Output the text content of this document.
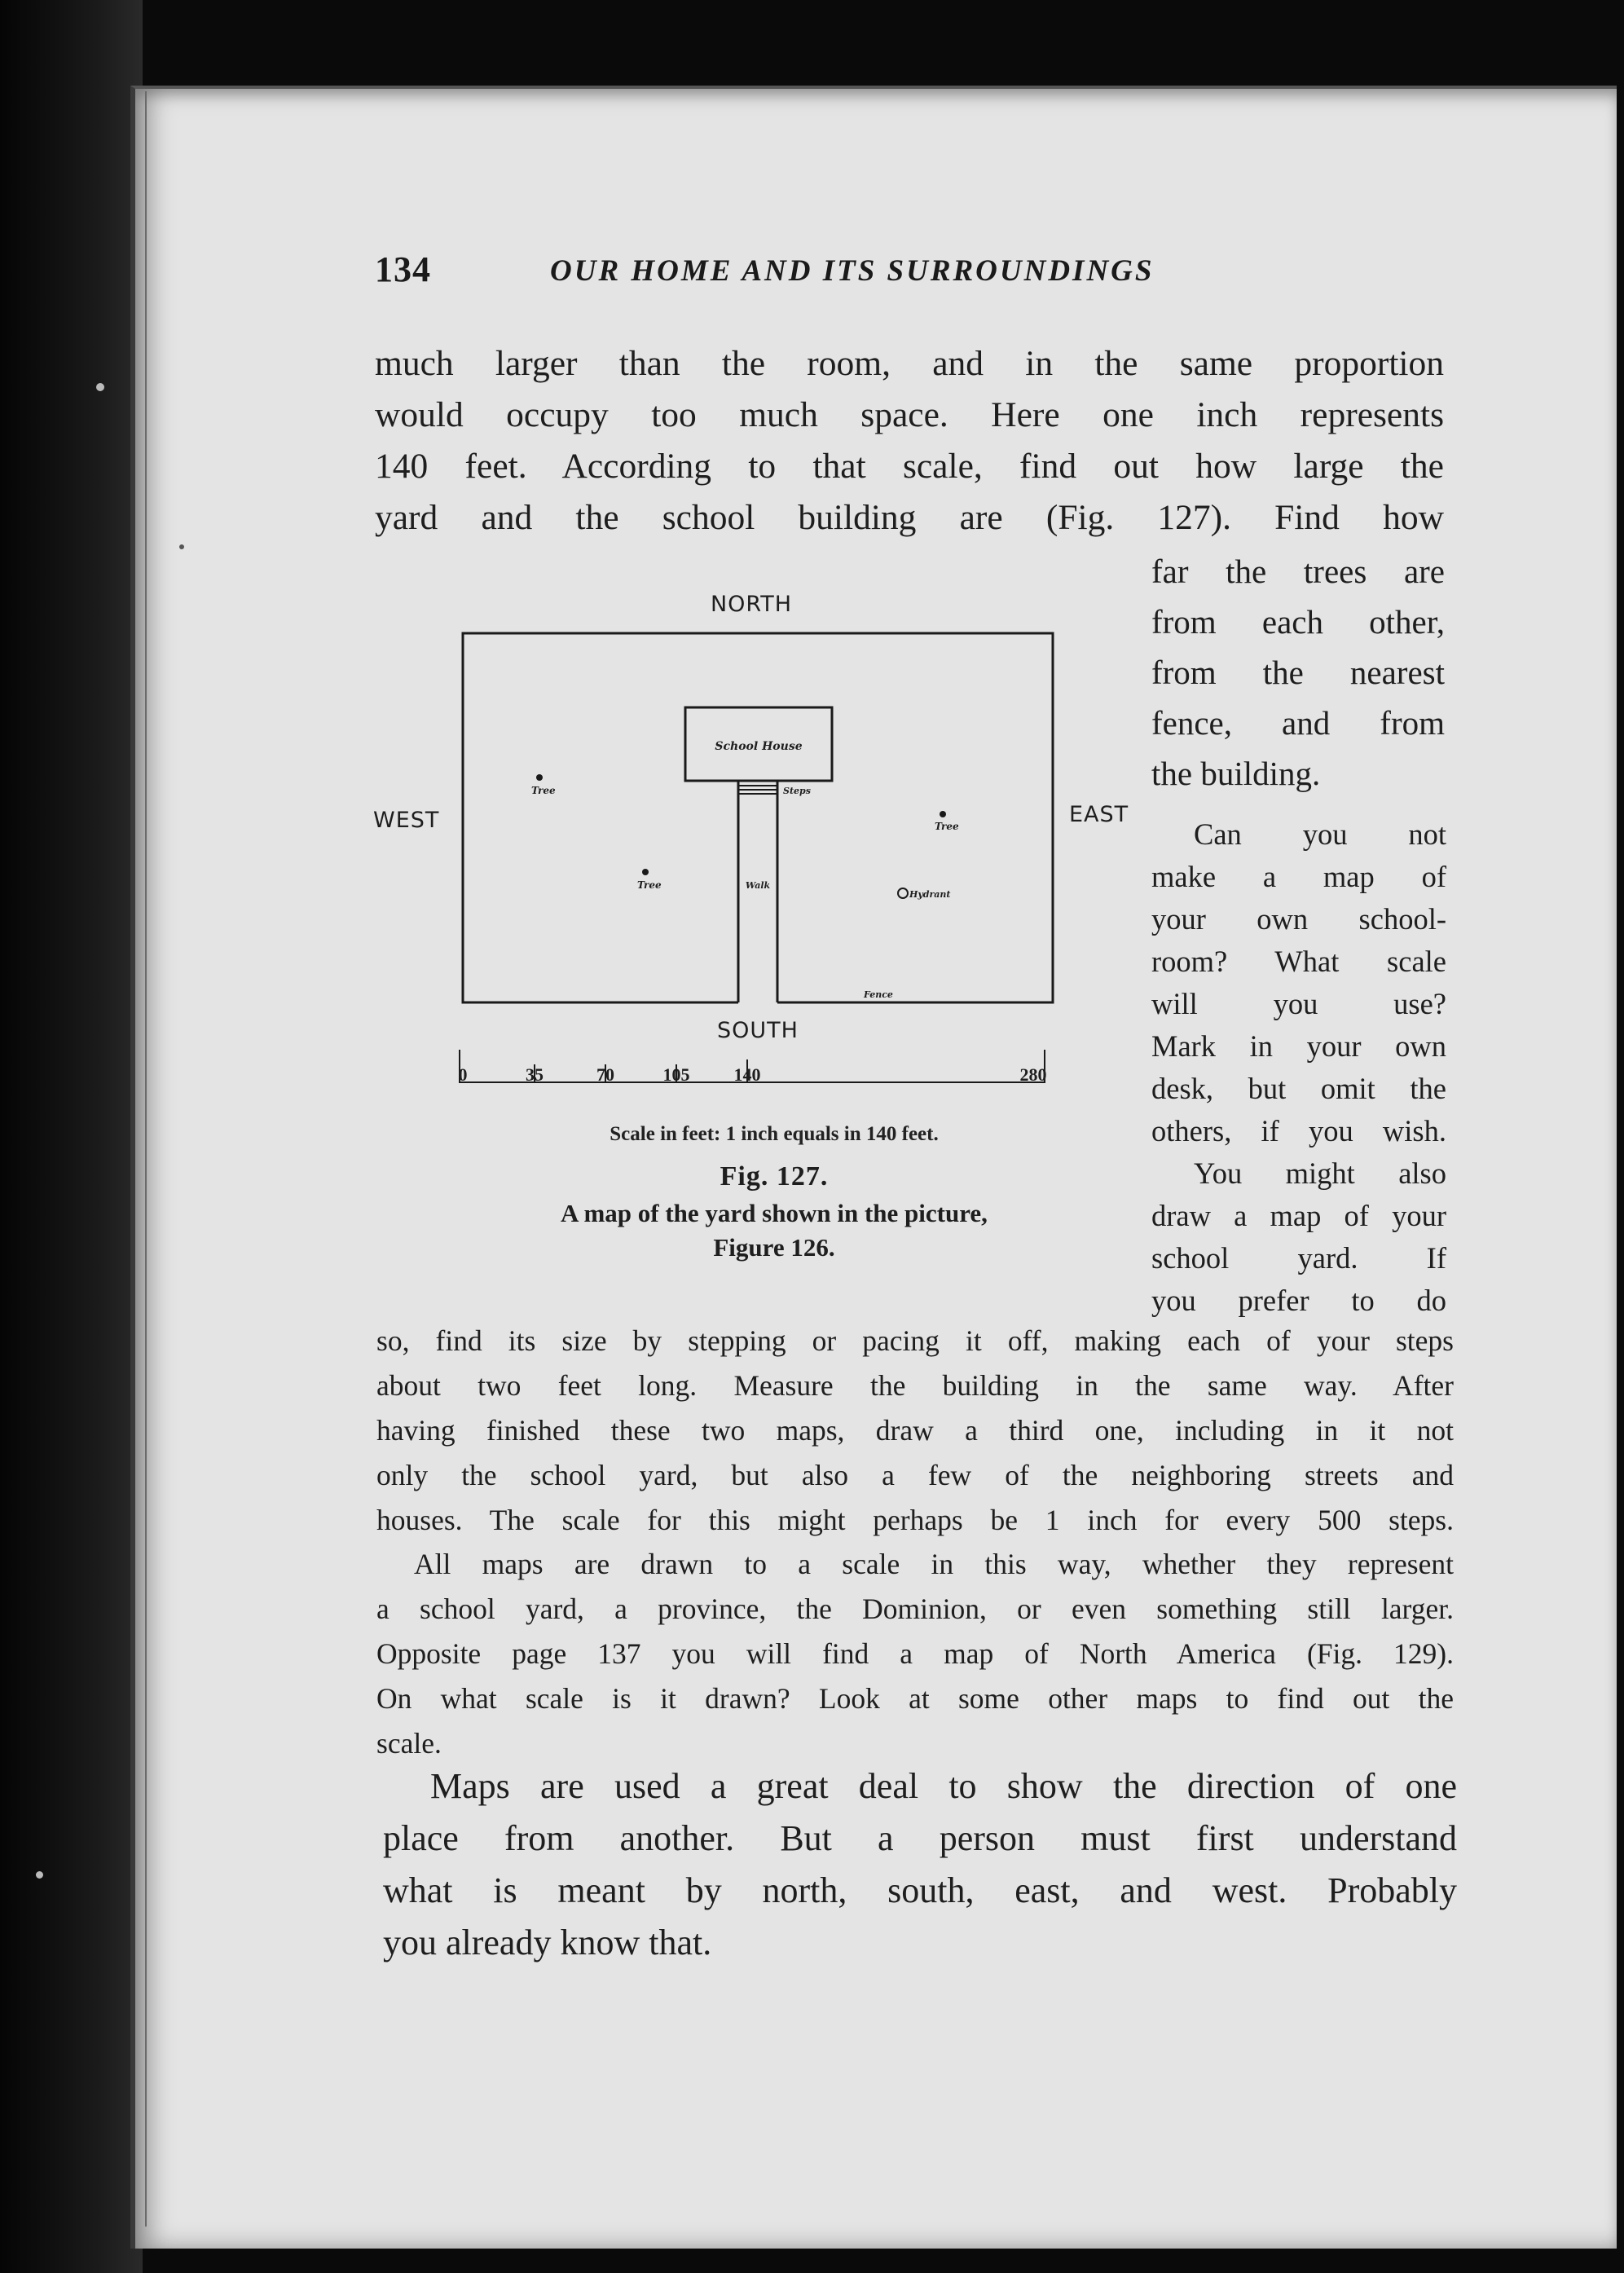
134	OUR HOME AND ITS SURROUNDINGS
much larger than the room, and in the same proportion
would occupy too much space. Here one inch represents
140 feet. According to that scale, find out how large the
yard and the school building are (Fig. 127). Find how
far the trees are
from each other,
from the nearest
fence, and from
the building.
Can you not
make a map of
your own school-
room? What scale
will you use?
Mark in your own
desk, but omit the
others, if you wish.
You might also
draw a map of your
school yard. If
you prefer to do
so, find its size by stepping or pacing it off, making each of your steps
about two feet long. Measure the building in the same way. After
having finished these two maps, draw a third one, including in it not
only the school yard, but also a few of the neighboring streets and
houses. The scale for this might perhaps be 1 inch for every 500 steps.
All maps are drawn to a scale in this way, whether they represent
a school yard, a province, the Dominion, or even something still larger.
Opposite page 137 you will find a map of North America (Fig. 129).
On what scale is it drawn? Look at some other maps to find out the
scale.
Maps are used a great deal to show the direction of one
place from another. But a person must first understand
what is meant by north, south, east, and west. Probably
you already know that.
NORTH
WEST	EAST
SOUTH
School House
Steps
Walk
Tree
Tree
Tree
Hydrant
Fence
0	35	70	105 140	280
Scale in feet: 1 inch equals in 140 feet.
Fig. 127.
A map of the yard shown in the picture,
Figure 126.
